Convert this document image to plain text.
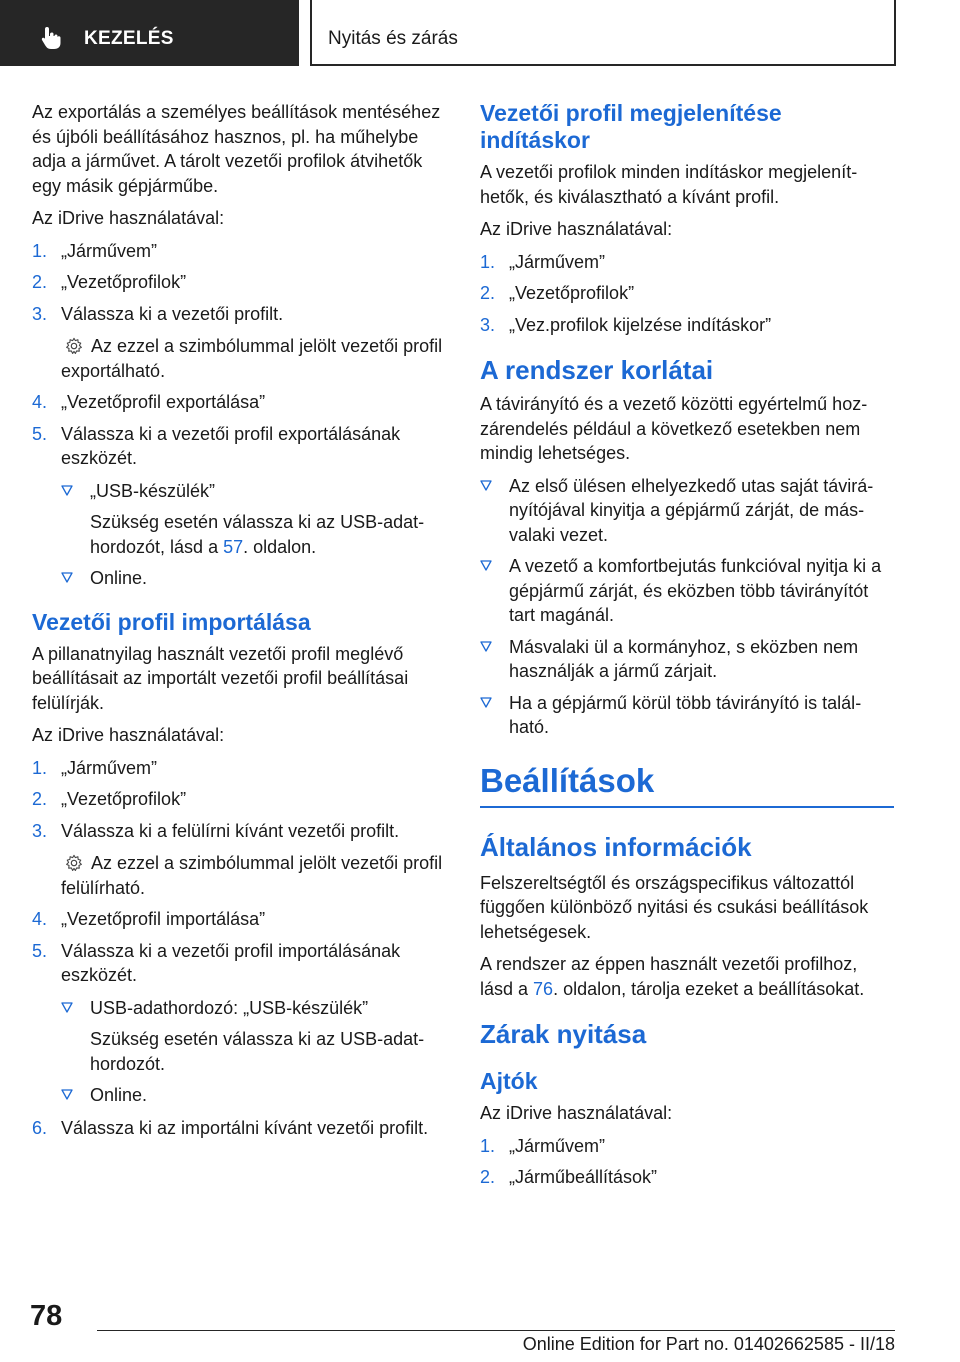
KEZELÉS	Nyitás és zárás

Az exportálás a személyes beállítások mentéséhez és újbóli beállításához hasznos, pl. ha műhelybe adja a járművet. A tárolt vezetői profilok átvihetők egy másik gépjárműbe.

Az iDrive használatával:

1. „Járművem”
2. „Vezetőprofilok”
3. Válassza ki a vezetői profilt.
Az ezzel a szimbólummal jelölt vezetői profil exportálható.
4. „Vezetőprofil exportálása”
5. Válassza ki a vezetői profil exportálásának eszközét.
„USB-készülék”
Szükség esetén válassza ki az USB-adathordozót, lásd a 57. oldalon.
Online.
Vezetői profil importálása

A pillanatnyilag használt vezetői profil meglévő beállításait az importált vezetői profil beállításai felülírják.

Az iDrive használatával:

1. „Járművem”
2. „Vezetőprofilok”
3. Válassza ki a felülírni kívánt vezetői profilt.
Az ezzel a szimbólummal jelölt vezetői profil felülírható.
4. „Vezetőprofil importálása”
5. Válassza ki a vezetői profil importálásának eszközét.
USB-adathordozó: „USB-készülék”
Szükség esetén válassza ki az USB-adathordozót.
Online.
6. Válassza ki az importálni kívánt vezetői profilt.
Vezetői profil megjelenítése indításkor

A vezetői profilok minden indításkor megjeleníthetők, és kiválasztható a kívánt profil.

Az iDrive használatával:

1. „Járművem”
2. „Vezetőprofilok”
3. „Vez.profilok kijelzése indításkor”
A rendszer korlátai

A távirányító és a vezető közötti egyértelmű hozzárendelés például a következő esetekben nem mindig lehetséges.

Az első ülésen elhelyezkedő utas saját távirányítójával kinyitja a gépjármű zárját, de másvalaki vezet.
A vezető a komfortbejutás funkcióval nyitja ki a gépjármű zárját, és eközben több távirányítót tart magánál.
Másvalaki ül a kormányhoz, s eközben nem használják a jármű zárjait.
Ha a gépjármű körül több távirányító is található.
Beállítások
Általános információk

Felszereltségtől és országspecifikus változattól függően különböző nyitási és csukási beállítások lehetségesek.

A rendszer az éppen használt vezetői profilhoz, lásd a 76. oldalon, tárolja ezeket a beállításokat.

Zárak nyitása
Ajtók

Az iDrive használatával:

1. „Járművem”
2. „Járműbeállítások”
78
Online Edition for Part no. 01402662585 - II/18
